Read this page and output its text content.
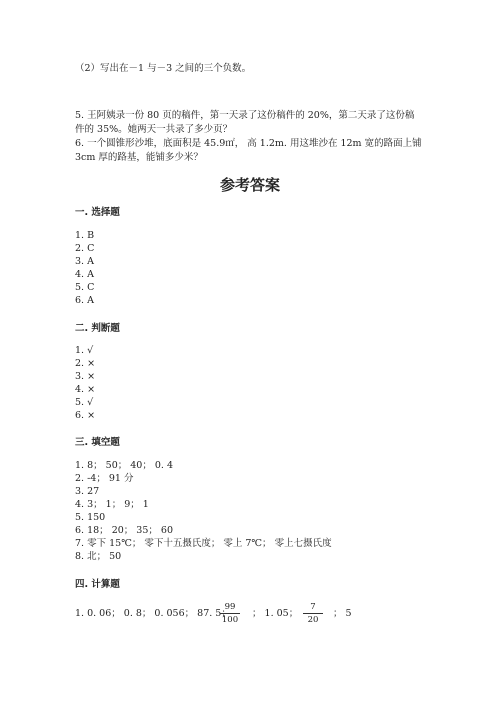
（2）写出在－1 与－3 之间的三个负数。
5. 王阿姨录一份 80 页的稿件，第一天录了这份稿件的 20%，第二天录了这份稿
件的 35%。她两天一共录了多少页？
6. 一个圆锥形沙堆，底面积是 45.9㎡， 高 1.2m. 用这堆沙在 12m 宽的路面上铺
3cm 厚的路基，能铺多少米？
参考答案
一. 选择题
1. B
2. C
3. A
4. A
5. C
6. A
二. 判断题
1. √
2. ×
3. ×
4. ×
5. √
6. ×
三. 填空题
1. 8； 50； 40； 0. 4
2. -4； 91 分
3. 27
4. 3； 1； 9； 1
5. 150
6. 18； 20； 35； 60
7. 零下 15℃； 零下十五摄氏度； 零上 7℃； 零上七摄氏度
8. 北； 50
四. 计算题
1. 0. 06； 0. 8； 0. 056； 87. 5；
99
100
； 1. 05；
7
20
； 5
